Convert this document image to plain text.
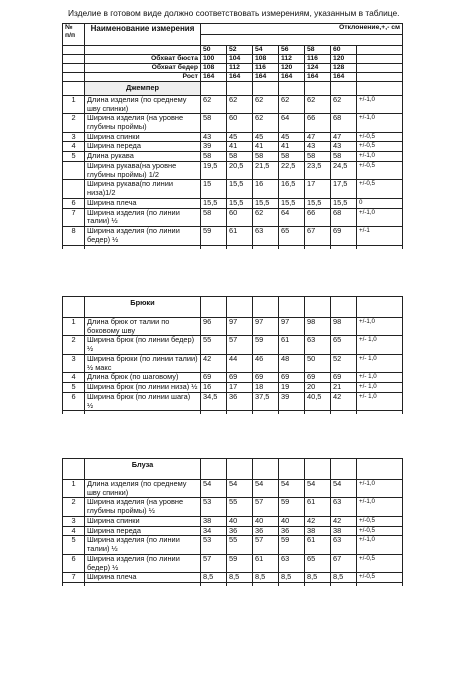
Изделие в готовом виде должно соответствовать измерениям, указанным в таблице.
№
п/п	Наименование измерения	Отклонение,+,- см						

		50	52	54	56	58	60	
	Обхват бюста	100	104	108	112	116	120	
	Обхват бедер	108	112	116	120	124	128	
	Рост	164	164	164	164	164	164	
	Джемпер							
1	Длина изделия (по среднему шву спинки)	62	62	62	62	62	62	+/-1,0
2	Ширина изделия (на уровне глубины проймы)	58	60	62	64	66	68	+/-1,0
3	Ширина спинки	43	45	45	45	47	47	+/-0,5
4	Ширина переда	39	41	41	41	43	43	+/-0,5
5	Длина рукава	58	58	58	58	58	58	+/-1,0
	Ширина рукава(на уровне глубины проймы) 1/2	19,5	20,5	21,5	22,5	23,5	24,5	+/-0,5
	Ширина рукава(по линии низа)1/2	15	15,5	16	16,5	17	17,5	+/-0,5
6	Ширина плеча	15,5	15,5	15,5	15,5	15,5	15,5	0
7	Ширина изделия (по линии талии) ½	58	60	62	64	66	68	+/-1,0
8	Ширина изделия (по линии бедер) ½	59	61	63	65	67	69	+/-1

	Брюки							
1	Длина брюк от талии по боковому шву	96	97	97	97	98	98	+/-1,0
2	Ширина брюк (по линии бедер) ½	55	57	59	61	63	65	+/- 1,0
3	Ширина брюки (по линии талии) ½ макс	42	44	46	48	50	52	+/- 1,0
4	Длина брюк (по шаговому)	69	69	69	69	69	69	+/- 1,0
5	Ширина брюк (по линии низа) ½	16	17	18	19	20	21	+/- 1,0
6	Ширина брюк (по линии шага) ½	34,5	36	37,5	39	40,5	42	+/- 1,0

	Блуза							
1	Длина изделия (по среднему шву спинки)	54	54	54	54	54	54	+/-1,0
2	Ширина изделия (на уровне глубины проймы) ½	53	55	57	59	61	63	+/-1,0
3	Ширина спинки	38	40	40	40	42	42	+/-0,5
4	Ширина переда	34	36	36	36	38	38	+/-0,5
5	Ширина изделия (по линии талии) ½	53	55	57	59	61	63	+/-1,0
6	Ширина изделия (по линии бедер) ½	57	59	61	63	65	67	+/-0,5
7	Ширина плеча	8,5	8,5	8,5	8,5	8,5	8,5	+/-0,5
